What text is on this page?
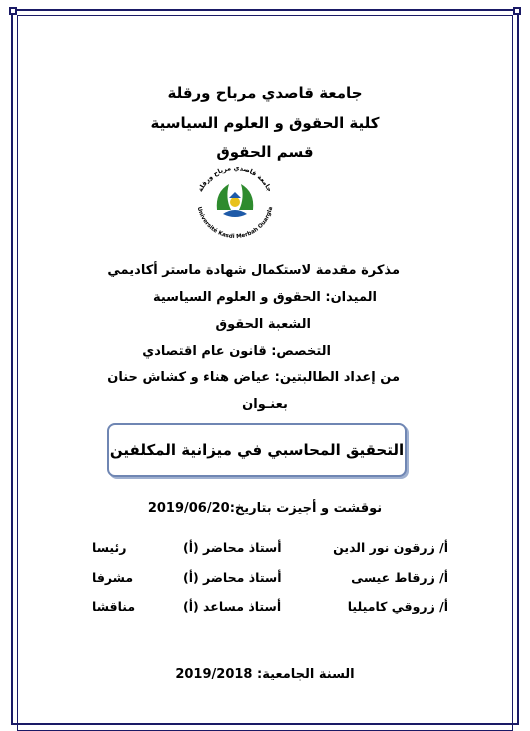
جامعة قاصدي مرباح ورقلة
كلية الحقوق و العلوم السياسية
قسم الحقوق
جامعة قاصدي مرباح ورقلة
Université Kasdi Merbah Ouargla
مذكرة مقدمة لاستكمال شهادة ماستر أكاديمي
الميدان: الحقوق و العلوم السياسية
الشعبة الحقوق
التخصص: قانون عام اقتصادي
من إعداد الطالبتين: عياض هناء و كشاش حنان
بعنـوان
التحقيق المحاسبي في ميزانية المكلفين
نوقشت و أجيزت بتاريخ:2019/06/20
أ/ زرقون نور الدين
أستاذ محاضر (أ)
رئيسا
أ/ زرقاط عيسى
أستاذ محاضر (أ)
مشرفا
أ/ زروقي كاميليا
أستاذ مساعد (أ)
مناقشا
السنة الجامعية: 2019/2018
